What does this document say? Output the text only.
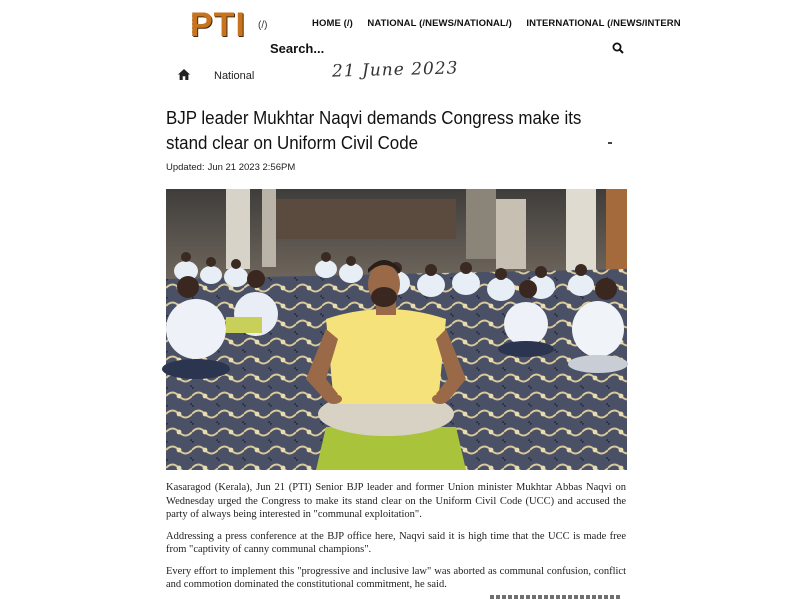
PTI	(/)	HOME (/) NATIONAL (/NEWS/NATIONAL/) INTERNATIONAL (/NEWS/INTERN
Search...
National	21 June 2023
BJP leader Mukhtar Naqvi demands Congress make its stand clear on Uniform Civil Code
Updated: Jun 21 2023 2:56PM

Kasaragod (Kerala), Jun 21 (PTI) Senior BJP leader and former Union minister Mukhtar Abbas Naqvi on Wednesday urged the Congress to make its stand clear on the Uniform Civil Code (UCC) and accused the party of always being interested in "communal exploitation".

Addressing a press conference at the BJP office here, Naqvi said it is high time that the UCC is made free from "captivity of canny communal champions".

Every effort to implement this "progressive and inclusive law" was aborted as communal confusion, conflict and commotion dominated the constitutional commitment, he said.
